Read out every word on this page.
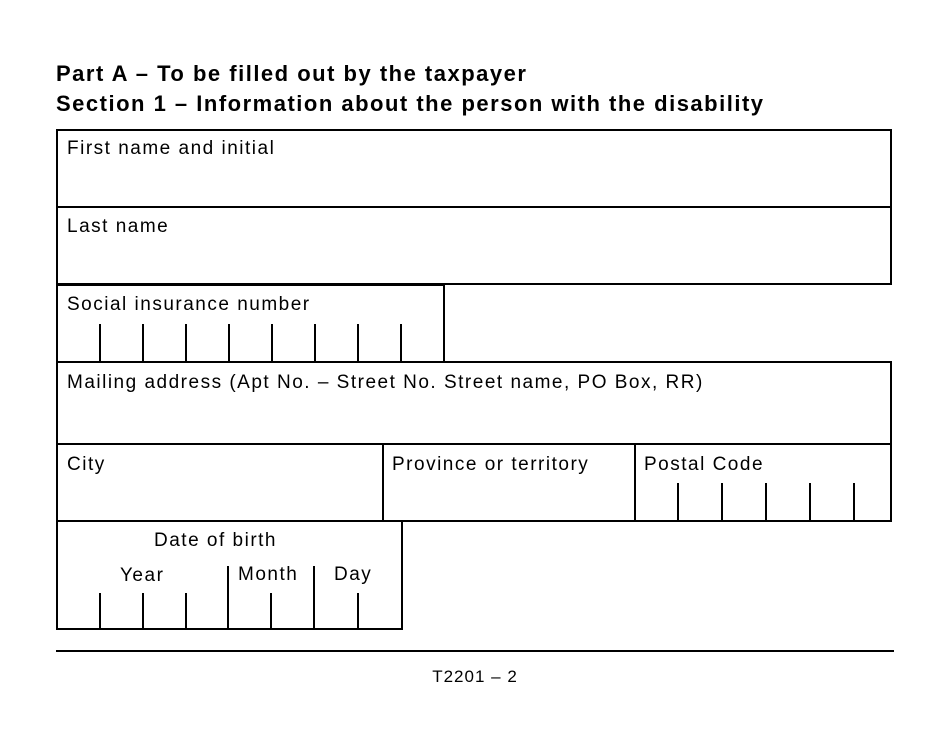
Part A – To be filled out by the taxpayer
Section 1 – Information about the person with the disability
First name and initial
Last name
Social insurance number
Mailing address (Apt No. – Street No. Street name, PO Box, RR)
City	Province or territory	Postal Code
Date of birth
Year	Month Day
T2201 – 2
